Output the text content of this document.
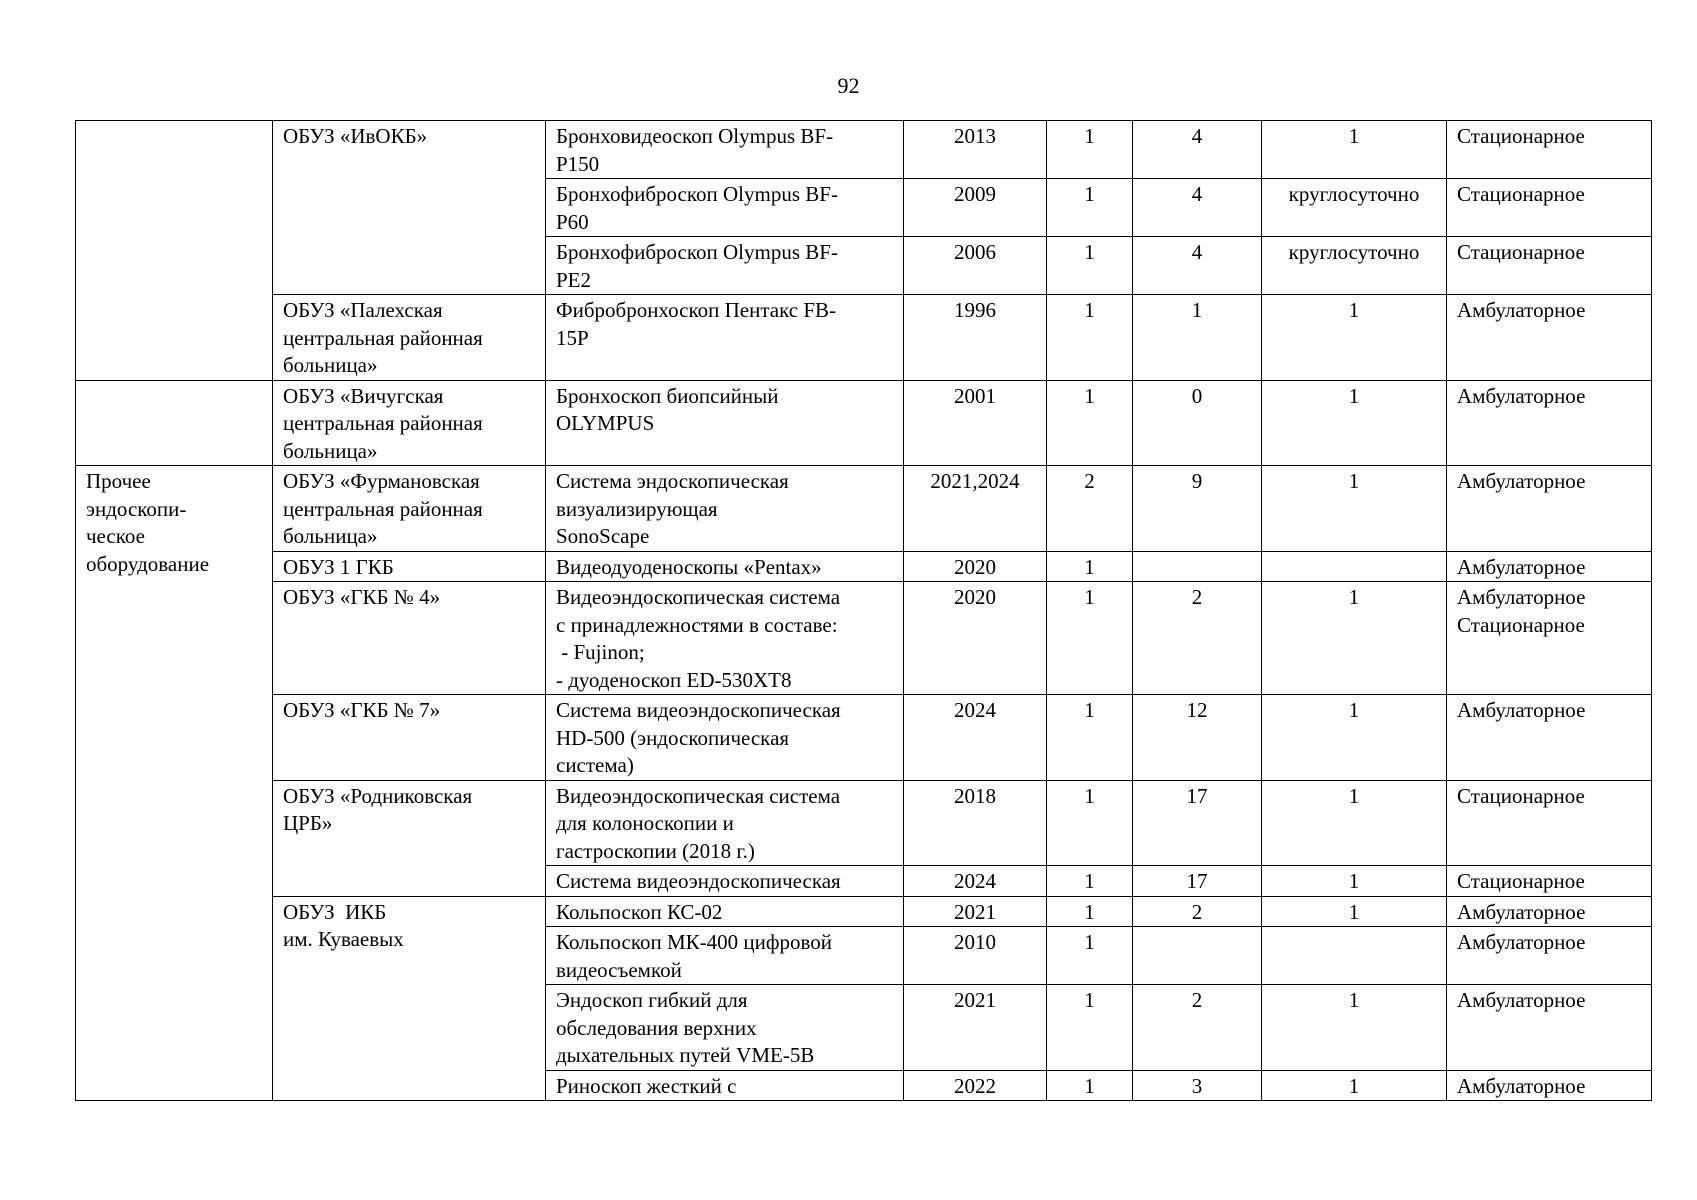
92

	ОБУЗ «ИвОКБ»	Бронховидеоскоп Olympus BF-
P150	2013	1	4	1	Стационарное

		Бронхофиброскоп Olympus BF-
P60	2009	1	4	круглосуточно	Стационарное

		Бронхофиброскоп Olympus BF-
PE2	2006	1	4	круглосуточно	Стационарное

	ОБУЗ «Палехская
центральная районная
больница»	Фибробронхоскоп Пентакс FB-
15P	1996	1	1	1	Амбулаторное

	ОБУЗ «Вичугская
центральная районная
больница»	Бронхоскоп биопсийный
OLYMPUS	2001	1	0	1	Амбулаторное

Прочее
эндоскопи-
ческое
оборудование	ОБУЗ «Фурмановская
центральная районная
больница»	Система эндоскопическая
визуализирующая
SonoScape	2021,2024	2	9	1	Амбулаторное

	ОБУЗ 1 ГКБ	Видеодуоденоскопы «Pentax»	2020	1			Амбулаторное

	ОБУЗ «ГКБ № 4»	Видеоэндоскопическая система
с принадлежностями в составе:
- Fujinon;
- дуоденоскоп ED-530XT8	2020	1	2	1	Амбулаторное
Стационарное

	ОБУЗ «ГКБ № 7»	Система видеоэндоскопическая
HD-500 (эндоскопическая
система)	2024	1	12	1	Амбулаторное

	ОБУЗ «Родниковская
ЦРБ»	Видеоэндоскопическая система
для колоноскопии и
гастроскопии (2018 г.)	2018	1	17	1	Стационарное

		Система видеоэндоскопическая	2024	1	17	1	Стационарное

	ОБУЗ  ИКБ
им. Куваевых	Кольпоскоп КС-02	2021	1	2	1	Амбулаторное

		Кольпоскоп МК-400 цифровой
видеосъемкой	2010	1			Амбулаторное

		Эндоскоп гибкий для
обследования верхних
дыхательных путей VME-5B	2021	1	2	1	Амбулаторное

		Риноскоп жесткий с	2022	1	3	1	Амбулаторное
